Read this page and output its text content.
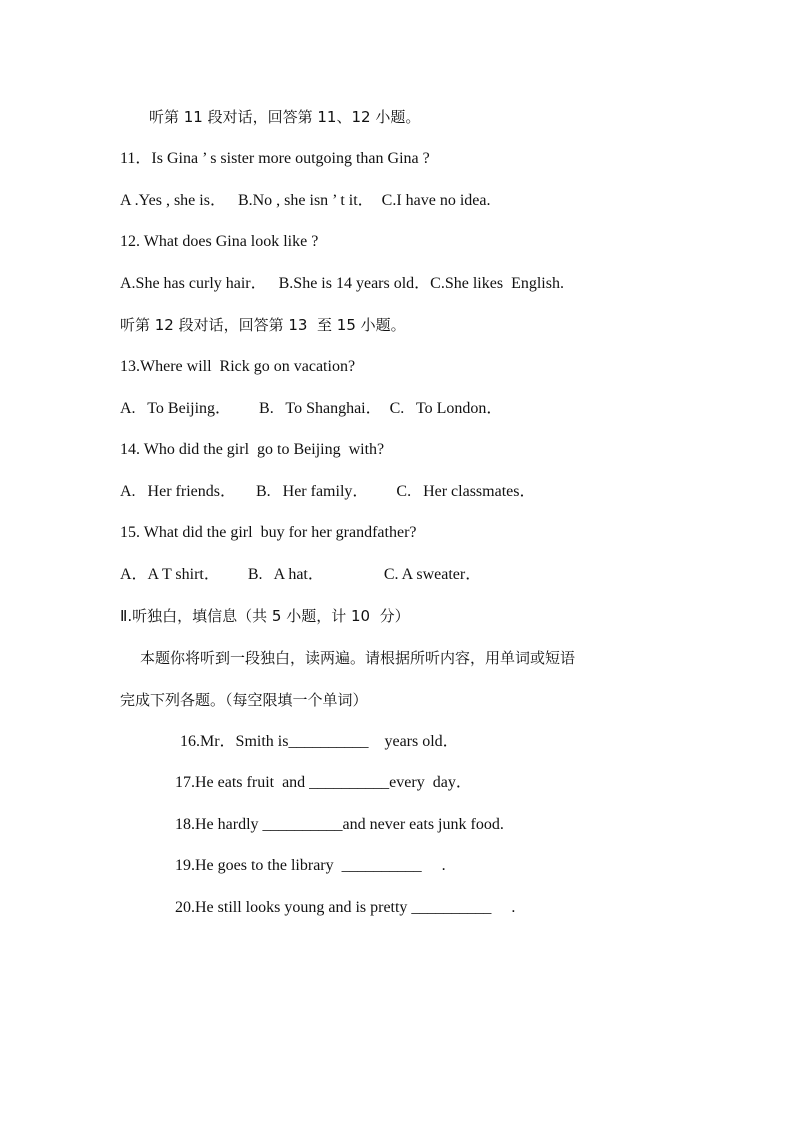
听第 11 段对话，回答第 11、12 小题。
11．Is Gina ’ s sister more outgoing than Gina ?
A .Yes , she is．   B.No , she isn ’ t it．  C.I have no idea.
12. What does Gina look like ?
A.She has curly hair．   B.She is 14 years old．C.She likes  English.
听第 12 段对话，回答第 13  至 15 小题。
13.Where will  Rick go on vacation?
A.   To Beijing．       B.   To Shanghai．  C.   To London．
14. Who did the girl  go to Beijing  with?
A.   Her friends．     B.   Her family．       C.   Her classmates．
15. What did the girl  buy for her grandfather?
A．A T shirt．       B.   A hat．               C. A sweater．
Ⅱ.听独白，填信息（共 5 小题，计 10  分）
本题你将听到一段独白，读两遍。请根据所听内容，用单词或短语
完成下列各题。（每空限填一个单词）
16.Mr．Smith is__________    years old．
17.He eats fruit  and __________every  day．
18.He hardly __________and never eats junk food.
19.He goes to the library  __________     .
20.He still looks young and is pretty __________     .
